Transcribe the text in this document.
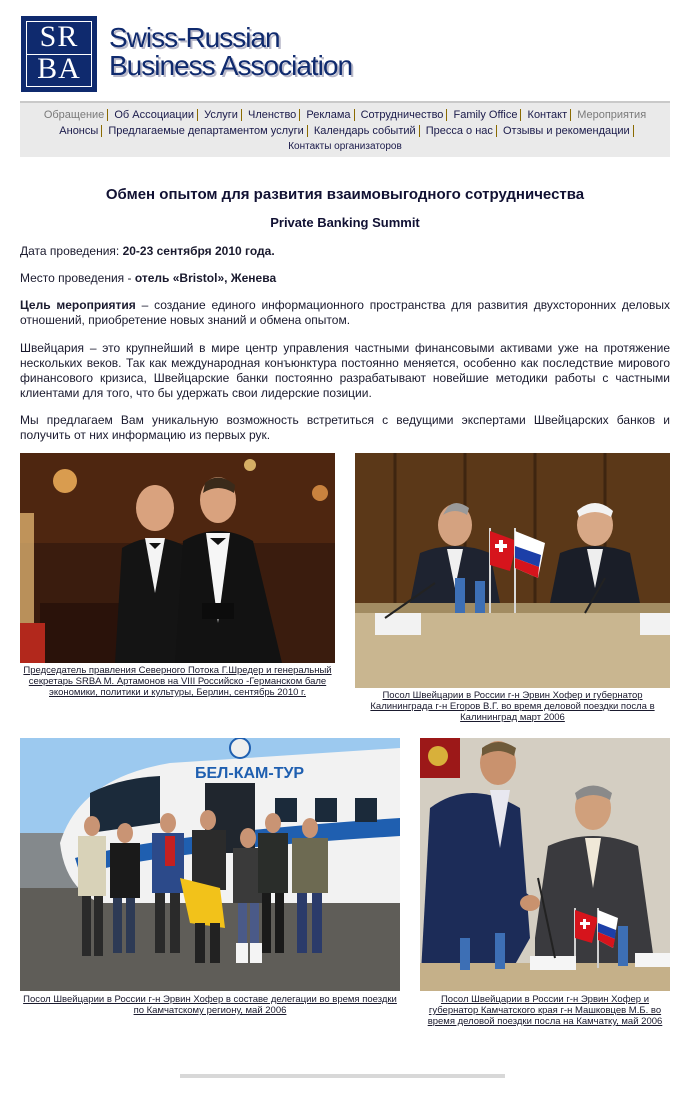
SR
BA
Swiss-Russian
Business Association
Обращение Об Ассоциации Услуги Членство Реклама Сотрудничество Family Office Контакт Мероприятия
Анонсы Предлагаемые департаментом услуги Календарь событий Пресса о нас Отзывы и рекомендации
Контакты организаторов
Обмен опытом для развития взаимовыгодного сотрудничества
Private Banking Summit
Дата проведения: 20-23 сентября 2010 года.
Место проведения - отель «Bristol», Женева
Цель мероприятия – создание единого информационного пространства для развития двухсторонних деловых отношений, приобретение новых знаний и обмена опытом.
Швейцария – это крупнейший в мире центр управления частными финансовыми активами уже на протяжение нескольких веков. Так как международная конъюнктура постоянно меняется, особенно как последствие мирового финансового кризиса, Швейцарские банки постоянно разрабатывают новейшие методики работы с частными клиентами для того, что бы удержать свои лидерские позиции.
Мы предлагаем Вам уникальную возможность встретиться с ведущими экспертами Швейцарских банков и получить от них информацию из первых рук.
Председатель правления Северного Потока Г.Шредер и генеральный секретарь SRBA М. Артамонов на VIII Российско -Германском бале экономики, политики и культуры, Берлин, сентябрь 2010 г.	Посол Швейцарии в России г-н Эрвин Хофер и губернатор Калининграда г-н Егоров В.Г. во время деловой поездки посла в Калининград март 2006
БЕЛ-КАМ-ТУР
Посол Швейцарии в России г-н Эрвин Хофер в составе делегации во время поездки по Камчатскому региону, май 2006
Посол Швейцарии в России г-н Эрвин Хофер и губернатор Камчатского края г-н Машковцев М.Б. во время деловой поездки посла на Камчатку, май 2006
